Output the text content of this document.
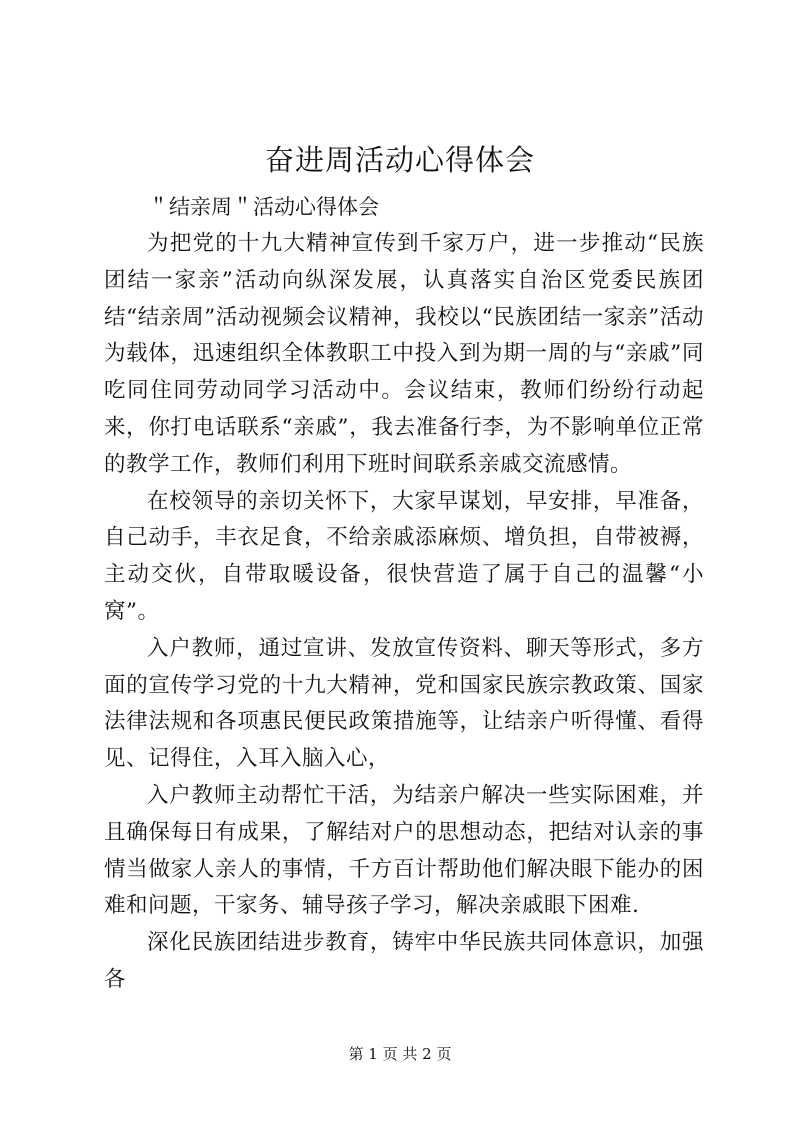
奋进周活动心得体会

＂结亲周＂活动心得体会

为把党的十九大精神宣传到千家万户，进一步推动“民族团结一家亲”活动向纵深发展，认真落实自治区党委民族团结“结亲周”活动视频会议精神，我校以“民族团结一家亲”活动为载体，迅速组织全体教职工中投入到为期一周的与“亲戚”同吃同住同劳动同学习活动中。会议结束，教师们纷纷行动起来，你打电话联系“亲戚”，我去准备行李，为不影响单位正常的教学工作，教师们利用下班时间联系亲戚交流感情。

在校领导的亲切关怀下，大家早谋划，早安排，早准备，自己动手，丰衣足食，不给亲戚添麻烦、增负担，自带被褥，主动交伙，自带取暖设备，很快营造了属于自己的温馨“小窝”。

入户教师，通过宣讲、发放宣传资料、聊天等形式，多方面的宣传学习党的十九大精神，党和国家民族宗教政策、国家法律法规和各项惠民便民政策措施等，让结亲户听得懂、看得见、记得住，入耳入脑入心，

入户教师主动帮忙干活，为结亲户解决一些实际困难，并且确保每日有成果，了解结对户的思想动态，把结对认亲的事情当做家人亲人的事情，千方百计帮助他们解决眼下能办的困难和问题，干家务、辅导孩子学习，解决亲戚眼下困难.

深化民族团结进步教育，铸牢中华民族共同体意识，加强各

第 1 页 共 2 页
